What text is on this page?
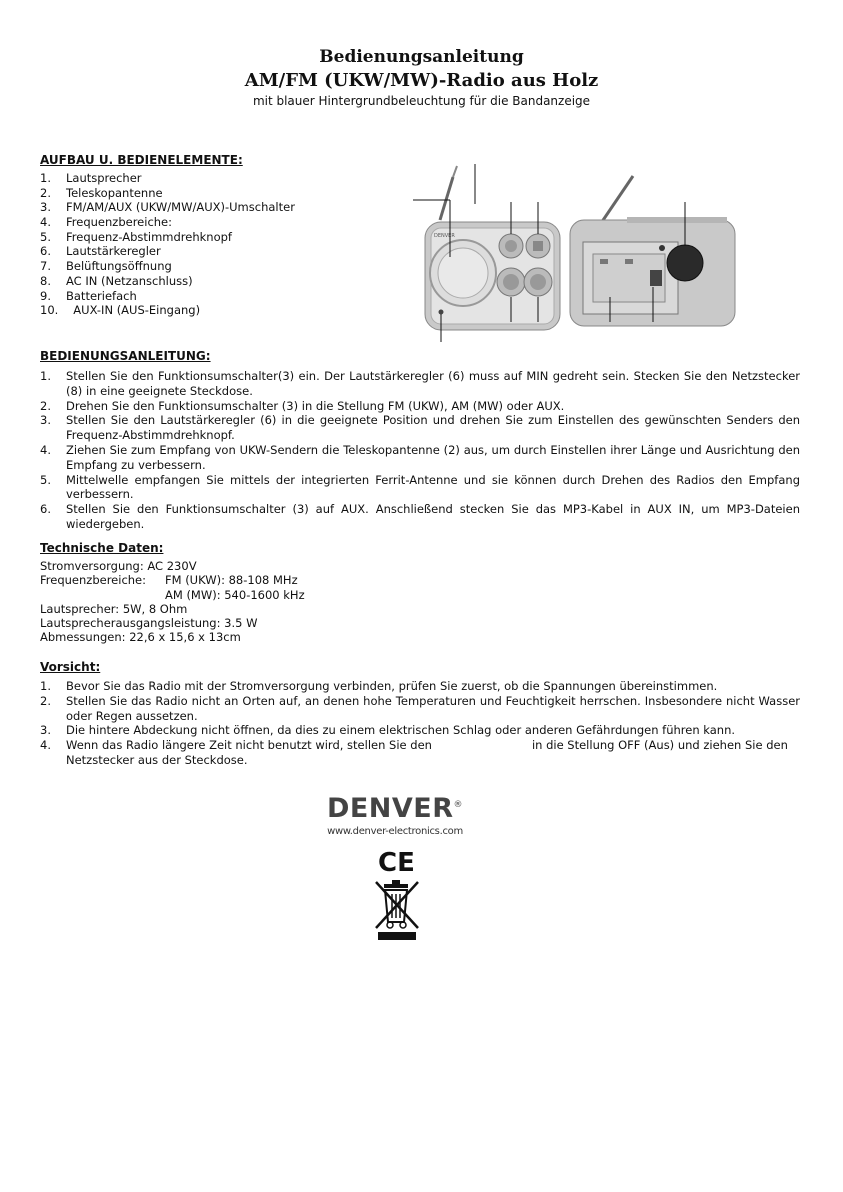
Bedienungsanleitung
AM/FM (UKW/MW)-Radio aus Holz
mit blauer Hintergrundbeleuchtung für die Bandanzeige
AUFBAU U. BEDIENELEMENTE:
1. Lautsprecher
2. Teleskopantenne
3. FM/AM/AUX (UKW/MW/AUX)-Umschalter
4. Frequenzbereiche:
5. Frequenz-Abstimmdrehknopf
6. Lautstärkeregler
7. Belüftungsöffnung
8. AC IN (Netzanschluss)
9. Batteriefach
10.  AUX-IN (AUS-Eingang)
DENVER
BEDIENUNGSANLEITUNG:
1. Stellen Sie den Funktionsumschalter(3) ein. Der Lautstärkeregler (6) muss auf MIN gedreht sein. Stecken Sie den Netzstecker (8) in eine geeignete Steckdose.
2. Drehen Sie den Funktionsumschalter (3) in die Stellung FM (UKW), AM (MW) oder AUX.
3. Stellen Sie den Lautstärkeregler (6) in die geeignete Position und drehen Sie zum Einstellen des gewünschten Senders den Frequenz-Abstimmdrehknopf.
4. Ziehen Sie zum Empfang von UKW-Sendern die Teleskopantenne (2) aus, um durch Einstellen ihrer Länge und Ausrichtung den Empfang zu verbessern.
5. Mittelwelle empfangen Sie mittels der integrierten Ferrit-Antenne und sie können durch Drehen des Radios den Empfang verbessern.
6. Stellen Sie den Funktionsumschalter (3) auf AUX. Anschließend stecken Sie das MP3-Kabel in AUX IN, um MP3-Dateien wiedergeben.
Technische Daten:
Stromversorgung: AC 230V
Frequenzbereiche: FM (UKW): 88-108 MHz
AM (MW): 540-1600 kHz
Lautsprecher: 5W, 8 Ohm
Lautsprecherausgangsleistung: 3.5 W
Abmessungen: 22,6 x 15,6 x 13cm
Vorsicht:
1. Bevor Sie das Radio mit der Stromversorgung verbinden, prüfen Sie zuerst, ob die Spannungen übereinstimmen.
2. Stellen Sie das Radio nicht an Orten auf, an denen hohe Temperaturen und Feuchtigkeit herrschen. Insbesondere nicht Wasser oder Regen aussetzen.
3. Die hintere Abdeckung nicht öffnen, da dies zu einem elektrischen Schlag oder anderen Gefährdungen führen kann.
4. Wenn das Radio längere Zeit nicht benutzt wird, stellen Sie den	in die Stellung OFF (Aus) und ziehen Sie den Netzstecker aus der Steckdose.
DENVER®
www.denver-electronics.com
CE
